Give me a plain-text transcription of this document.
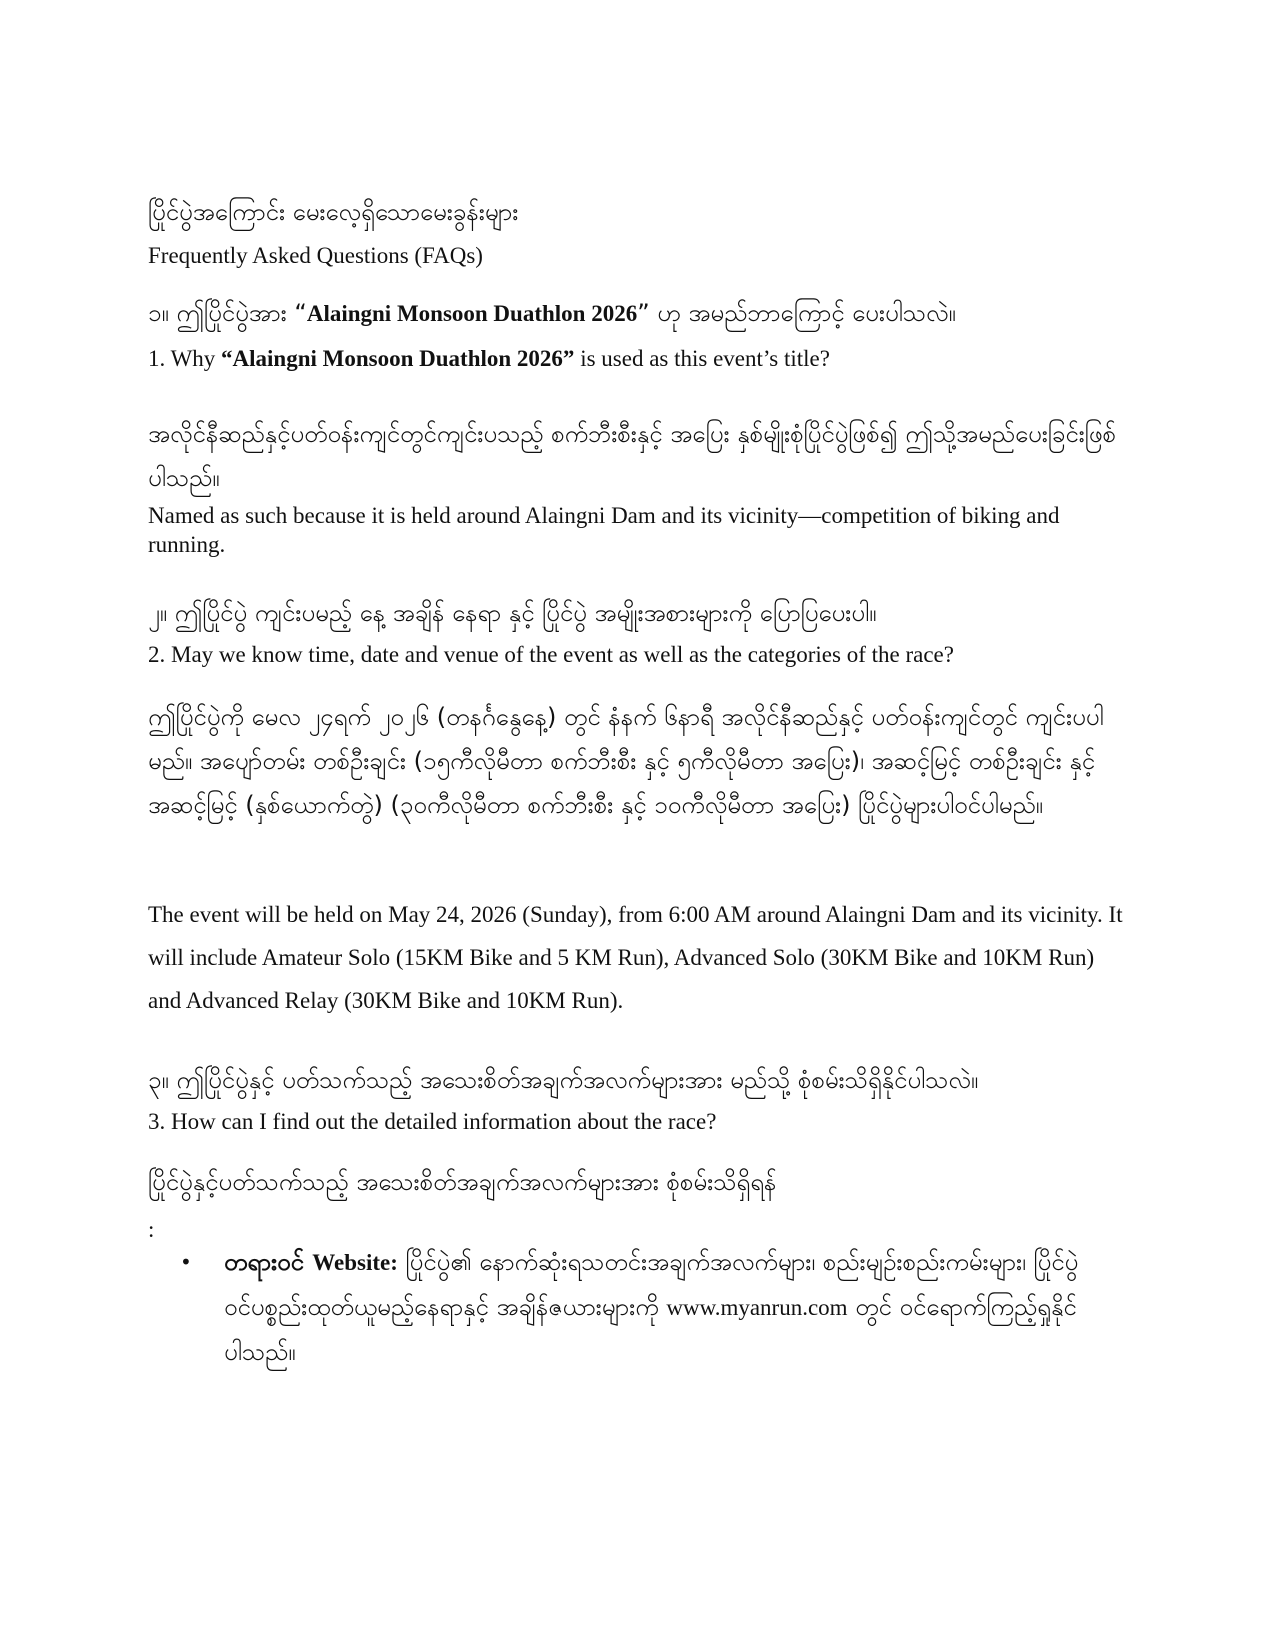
ပြိုင်ပွဲအကြောင်း မေးလေ့ရှိသောမေးခွန်းများ
Frequently Asked Questions (FAQs)
၁။ ဤပြိုင်ပွဲအား “Alaingni Monsoon Duathlon 2026” ဟု အမည်ဘာကြောင့် ပေးပါသလဲ။
1. Why “Alaingni Monsoon Duathlon 2026” is used as this event’s title?
အလိုင်နီဆည်နှင့်ပတ်ဝန်းကျင်တွင်ကျင်းပသည့် စက်ဘီးစီးနှင့် အပြေး နှစ်မျိုးစုံပြိုင်ပွဲဖြစ်၍ ဤသို့အမည်ပေးခြင်းဖြစ်ပါသည်။
Named as such because it is held around Alaingni Dam and its vicinity—competition of biking and running.
၂။ ဤပြိုင်ပွဲ ကျင်းပမည့် နေ့ အချိန် နေရာ နှင့် ပြိုင်ပွဲ အမျိုးအစားများကို ပြောပြပေးပါ။
2. May we know time, date and venue of the event as well as the categories of the race?
ဤပြိုင်ပွဲကို မေလ ၂၄ရက် ၂၀၂၆ (တနင်္ဂနွေနေ့) တွင် နံနက် ၆နာရီ အလိုင်နီဆည်နှင့် ပတ်ဝန်းကျင်တွင် ကျင်းပပါမည်။ အပျော်တမ်း တစ်ဦးချင်း (၁၅ကီလိုမီတာ စက်ဘီးစီး နှင့် ၅ကီလိုမီတာ အပြေး)၊ အဆင့်မြင့် တစ်ဦးချင်း နှင့် အဆင့်မြင့် (နှစ်ယောက်တွဲ) (၃၀ကီလိုမီတာ စက်ဘီးစီး နှင့် ၁၀ကီလိုမီတာ အပြေး) ပြိုင်ပွဲများပါဝင်ပါမည်။
The event will be held on May 24, 2026 (Sunday), from 6:00 AM around Alaingni Dam and its vicinity. It will include Amateur Solo (15KM Bike and 5 KM Run), Advanced Solo (30KM Bike and 10KM Run) and Advanced Relay (30KM Bike and 10KM Run).
၃။ ဤပြိုင်ပွဲနှင့် ပတ်သက်သည့် အသေးစိတ်အချက်အလက်များအား မည်သို့ စုံစမ်းသိရှိနိုင်ပါသလဲ။
3. How can I find out the detailed information about the race?
ပြိုင်ပွဲနှင့်ပတ်သက်သည့် အသေးစိတ်အချက်အလက်များအား စုံစမ်းသိရှိရန်
:
• တရားဝင် Website: ပြိုင်ပွဲ၏ နောက်ဆုံးရသတင်းအချက်အလက်များ၊ စည်းမျဉ်းစည်းကမ်းများ၊ ပြိုင်ပွဲဝင်ပစ္စည်းထုတ်ယူမည့်နေရာနှင့် အချိန်ဇယားများကို www.myanrun.com တွင် ဝင်ရောက်ကြည့်ရှုနိုင်ပါသည်။
